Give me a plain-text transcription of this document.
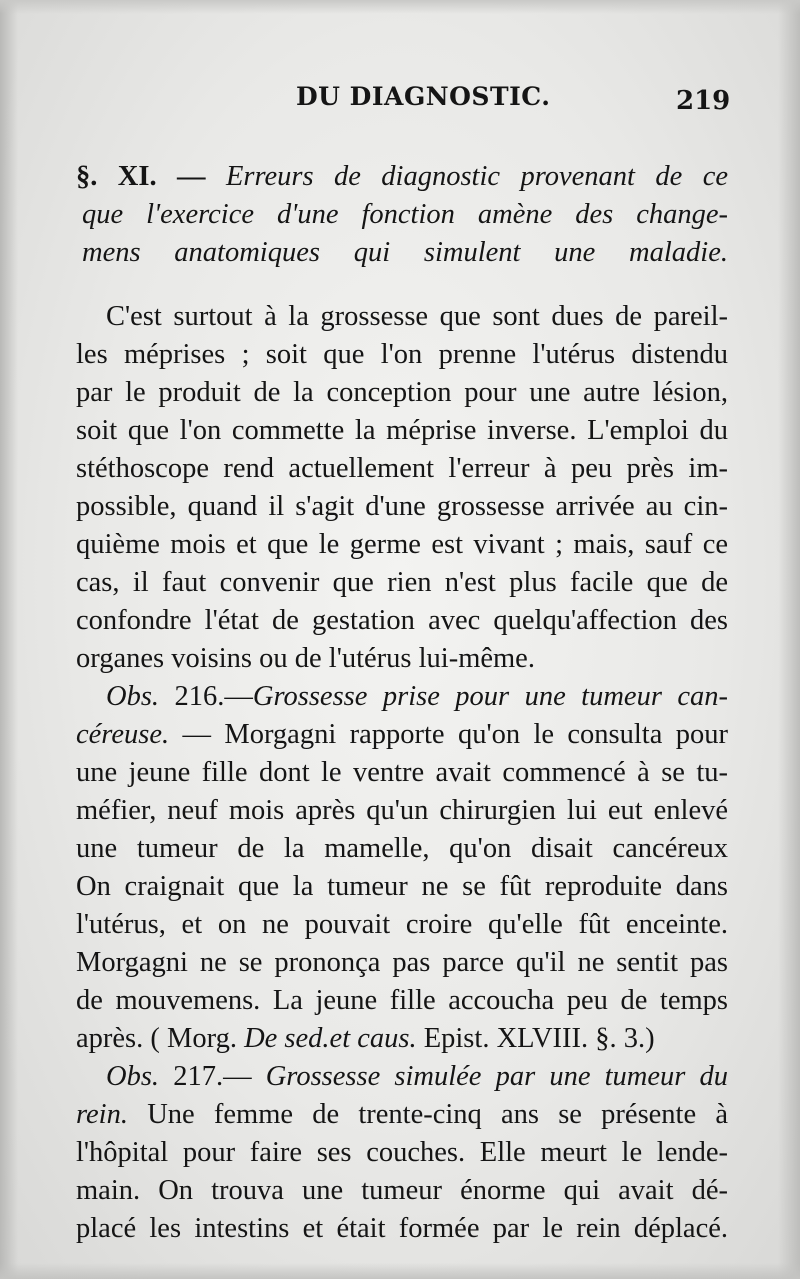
DU DIAGNOSTIC.	219
§. XI. — Erreurs de diagnostic provenant de ce
que l'exercice d'une fonction amène des change-
mens anatomiques qui simulent une maladie.
C'est surtout à la grossesse que sont dues de pareil-
les méprises ; soit que l'on prenne l'utérus distendu
par le produit de la conception pour une autre lésion,
soit que l'on commette la méprise inverse. L'emploi du
stéthoscope rend actuellement l'erreur à peu près im-
possible, quand il s'agit d'une grossesse arrivée au cin-
quième mois et que le germe est vivant ; mais, sauf ce
cas, il faut convenir que rien n'est plus facile que de
confondre l'état de gestation avec quelqu'affection des
organes voisins ou de l'utérus lui-même.
Obs. 216.—Grossesse prise pour une tumeur can-
céreuse. — Morgagni rapporte qu'on le consulta pour
une jeune fille dont le ventre avait commencé à se tu-
méfier, neuf mois après qu'un chirurgien lui eut enlevé
une tumeur de la mamelle, qu'on disait cancéreux
On craignait que la tumeur ne se fût reproduite dans
l'utérus, et on ne pouvait croire qu'elle fût enceinte.
Morgagni ne se prononça pas parce qu'il ne sentit pas
de mouvemens. La jeune fille accoucha peu de temps
après. ( Morg. De sed.et caus. Epist. XLVIII. §. 3.)
Obs. 217.— Grossesse simulée par une tumeur du
rein. Une femme de trente-cinq ans se présente à
l'hôpital pour faire ses couches. Elle meurt le lende-
main. On trouva une tumeur énorme qui avait dé-
placé les intestins et était formée par le rein déplacé.
